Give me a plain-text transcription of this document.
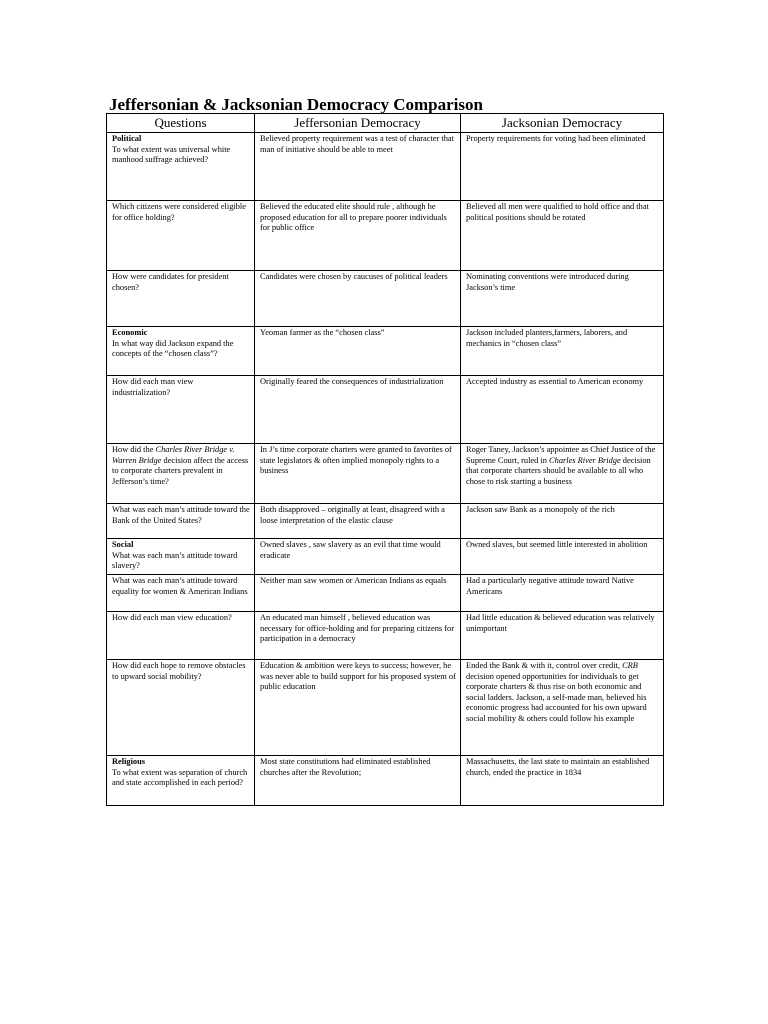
Jeffersonian & Jacksonian Democracy Comparison
Questions	Jeffersonian Democracy	Jacksonian Democracy

Political
To what extent was universal white manhood suffrage achieved?	Believed property requirement was a test of character that man of initiative should be able to meet	Property requirements for voting had been eliminated

Which citizens were considered eligible for office holding?	Believed the educated elite should rule , although he proposed education for all to prepare poorer individuals for public office	Believed all men were qualified to hold office and that political positions should be rotated

How were candidates for president chosen?	Candidates were chosen by caucuses of political leaders	Nominating conventions were introduced during Jackson’s time

Economic
In what way did Jackson expand the concepts of the “chosen class”?	Yeoman farmer as the “chosen class”	Jackson included planters,farmers, laborers, and mechanics in “chosen class”

How did each man view industrialization?	Originally feared the consequences of industrialization	Accepted industry as essential to American economy

How did the Charles River Bridge v. Warren Bridge decision affect the access to corporate charters prevalent in Jefferson’s time?	In J’s time corporate charters were granted to favorites of state legislators & often implied monopoly rights to a business	Roger Taney, Jackson’s appointee as Chief Justice of the Supreme Court, ruled in Charles River Bridge decision that corporate charters should be available to all who chose to risk starting a business

What was each man’s attitude toward the Bank of the United States?	Both disapproved – originally at least, disagreed with a loose interpretation of the elastic clause	Jackson saw Bank as a monopoly of the rich

Social
What was each man’s attitude toward slavery?	Owned slaves , saw slavery as an evil that time would eradicate	Owned slaves, but seemed little interested in abolition

What was each man’s attitude toward equality for women & American Indians	Neither man saw women or American Indians as equals	Had a particularly negative attitude toward Native Americans

How did each man view education?	An educated man himself , believed education was necessary for office-holding and for preparing citizens for participation in a democracy	Had little education & believed education was relatively unimportant

How did each hope to remove obstacles to upward social mobility?	Education & ambition were keys to success; however, he was never able to build support for his proposed system of public education	Ended the Bank & with it, control over credit, CRB decision opened opportunities for individuals to get corporate charters & thus rise on both economic and social ladders. Jackson, a self-made man, believed his economic progress had accounted for his own upward social mobility & others could follow his example

Religious
To what extent was separation of church and state accomplished in each period?	Most state constitutions had eliminated established churches after the Revolution;	Massachusetts, the last state to maintain an established church, ended the practice in 1834
